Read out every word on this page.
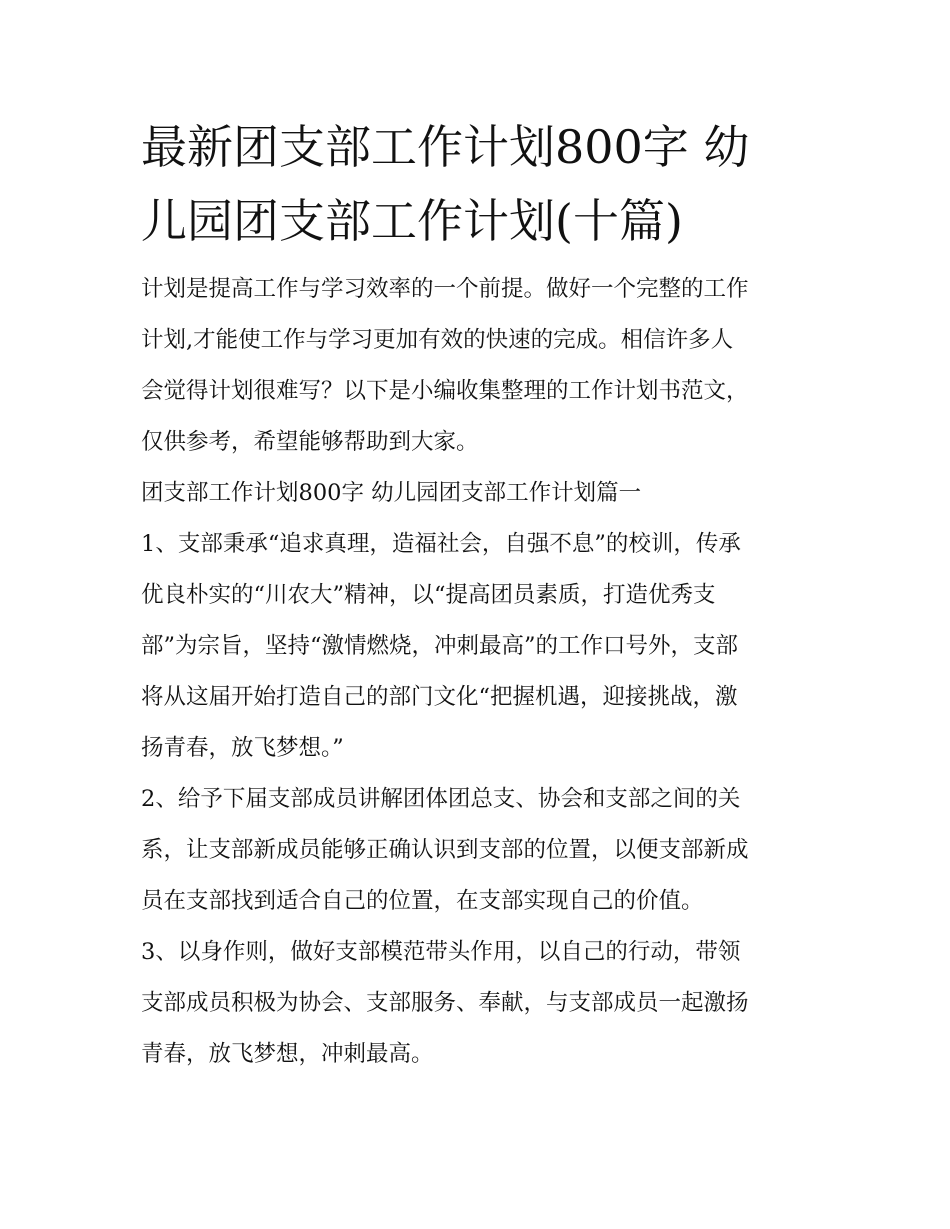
最新团支部工作计划800字 幼
儿园团支部工作计划(十篇)

计划是提高工作与学习效率的一个前提。做好一个完整的工作
计划,才能使工作与学习更加有效的快速的完成。相信许多人
会觉得计划很难写？以下是小编收集整理的工作计划书范文，
仅供参考，希望能够帮助到大家。

团支部工作计划800字 幼儿园团支部工作计划篇一

1、支部秉承“追求真理，造福社会，自强不息”的校训，传承
优良朴实的“川农大”精神，以“提高团员素质，打造优秀支
部”为宗旨，坚持“激情燃烧，冲刺最高”的工作口号外，支部
将从这届开始打造自己的部门文化“把握机遇，迎接挑战，激
扬青春，放飞梦想。”

2、给予下届支部成员讲解团体团总支、协会和支部之间的关
系，让支部新成员能够正确认识到支部的位置，以便支部新成
员在支部找到适合自己的位置，在支部实现自己的价值。

3、以身作则，做好支部模范带头作用，以自己的行动，带领
支部成员积极为协会、支部服务、奉献，与支部成员一起激扬
青春，放飞梦想，冲刺最高。
